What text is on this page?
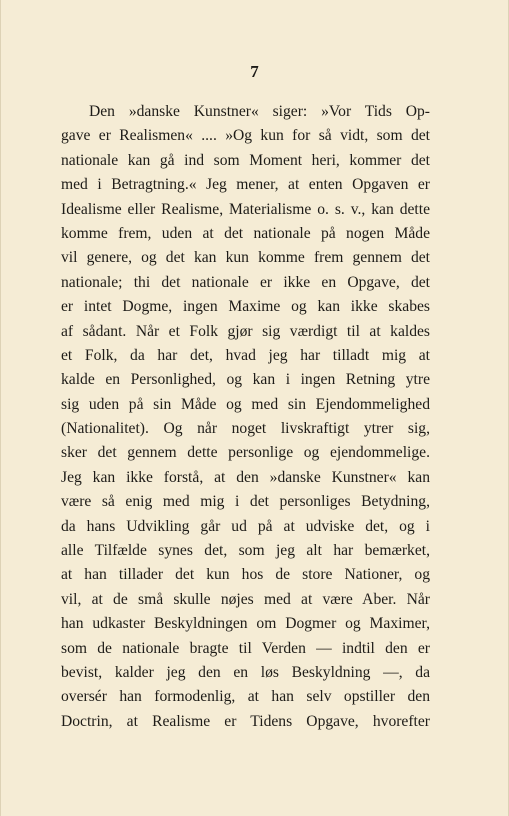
7
Den »danske Kunstner« siger: »Vor Tids Op-
gave er Realismen« .... »Og kun for så vidt, som det
nationale kan gå ind som Moment heri, kommer det
med i Betragtning.« Jeg mener, at enten Opgaven er
Idealisme eller Realisme, Materialisme o. s. v., kan dette
komme frem, uden at det nationale på nogen Måde
vil genere, og det kan kun komme frem gennem det
nationale; thi det nationale er ikke en Opgave, det
er intet Dogme, ingen Maxime og kan ikke skabes
af sådant. Når et Folk gjør sig værdigt til at kaldes
et Folk, da har det, hvad jeg har tilladt mig at
kalde en Personlighed, og kan i ingen Retning ytre
sig uden på sin Måde og med sin Ejendommelighed
(Nationalitet). Og når noget livskraftigt ytrer sig,
sker det gennem dette personlige og ejendommelige.
Jeg kan ikke forstå, at den »danske Kunstner« kan
være så enig med mig i det personliges Betydning,
da hans Udvikling går ud på at udviske det, og i
alle Tilfælde synes det, som jeg alt har bemærket,
at han tillader det kun hos de store Nationer, og
vil, at de små skulle nøjes med at være Aber. Når
han udkaster Beskyldningen om Dogmer og Maximer,
som de nationale bragte til Verden — indtil den er
bevist, kalder jeg den en løs Beskyldning —, da
oversér han formodenlig, at han selv opstiller den
Doctrin, at Realisme er Tidens Opgave, hvorefter
